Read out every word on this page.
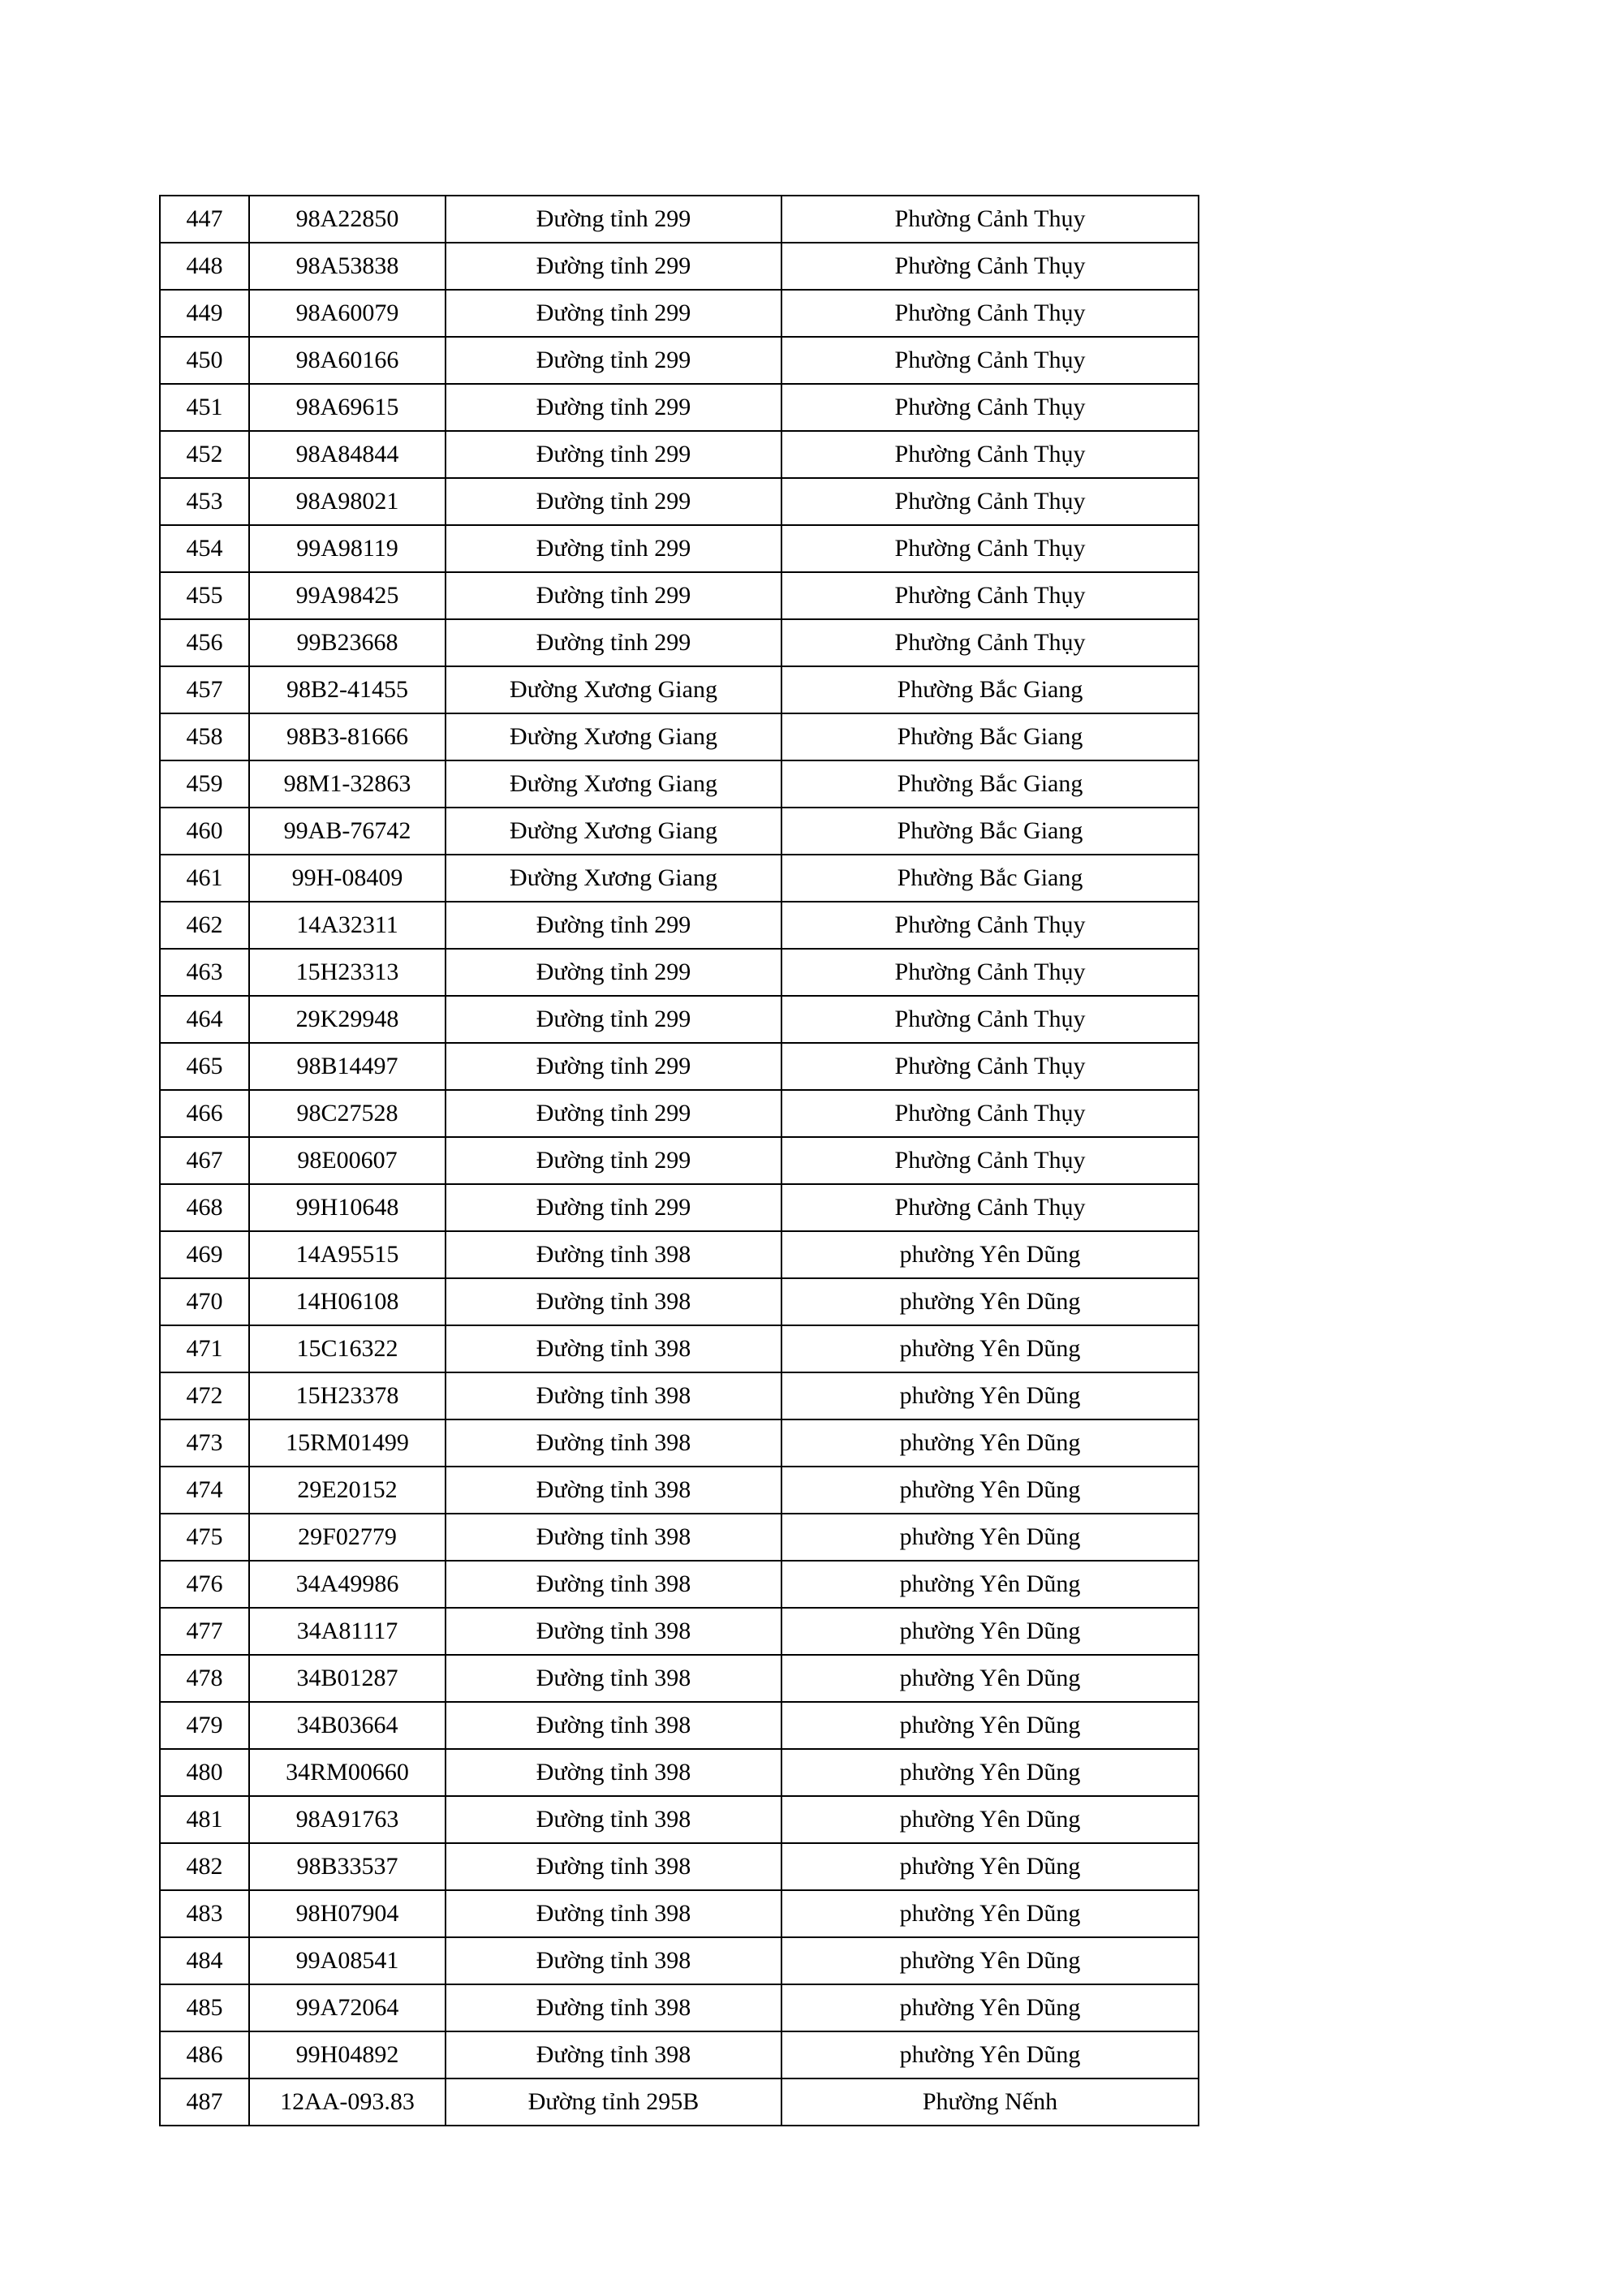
447	98A22850	Đường tỉnh 299	Phường Cảnh Thụy
448	98A53838	Đường tỉnh 299	Phường Cảnh Thụy
449	98A60079	Đường tỉnh 299	Phường Cảnh Thụy
450	98A60166	Đường tỉnh 299	Phường Cảnh Thụy
451	98A69615	Đường tỉnh 299	Phường Cảnh Thụy
452	98A84844	Đường tỉnh 299	Phường Cảnh Thụy
453	98A98021	Đường tỉnh 299	Phường Cảnh Thụy
454	99A98119	Đường tỉnh 299	Phường Cảnh Thụy
455	99A98425	Đường tỉnh 299	Phường Cảnh Thụy
456	99B23668	Đường tỉnh 299	Phường Cảnh Thụy
457	98B2-41455	Đường Xương Giang	Phường Bắc Giang
458	98B3-81666	Đường Xương Giang	Phường Bắc Giang
459	98M1-32863	Đường Xương Giang	Phường Bắc Giang
460	99AB-76742	Đường Xương Giang	Phường Bắc Giang
461	99H-08409	Đường Xương Giang	Phường Bắc Giang
462	14A32311	Đường tỉnh 299	Phường Cảnh Thụy
463	15H23313	Đường tỉnh 299	Phường Cảnh Thụy
464	29K29948	Đường tỉnh 299	Phường Cảnh Thụy
465	98B14497	Đường tỉnh 299	Phường Cảnh Thụy
466	98C27528	Đường tỉnh 299	Phường Cảnh Thụy
467	98E00607	Đường tỉnh 299	Phường Cảnh Thụy
468	99H10648	Đường tỉnh 299	Phường Cảnh Thụy
469	14A95515	Đường tỉnh 398	phường Yên Dũng
470	14H06108	Đường tỉnh 398	phường Yên Dũng
471	15C16322	Đường tỉnh 398	phường Yên Dũng
472	15H23378	Đường tỉnh 398	phường Yên Dũng
473	15RM01499	Đường tỉnh 398	phường Yên Dũng
474	29E20152	Đường tỉnh 398	phường Yên Dũng
475	29F02779	Đường tỉnh 398	phường Yên Dũng
476	34A49986	Đường tỉnh 398	phường Yên Dũng
477	34A81117	Đường tỉnh 398	phường Yên Dũng
478	34B01287	Đường tỉnh 398	phường Yên Dũng
479	34B03664	Đường tỉnh 398	phường Yên Dũng
480	34RM00660	Đường tỉnh 398	phường Yên Dũng
481	98A91763	Đường tỉnh 398	phường Yên Dũng
482	98B33537	Đường tỉnh 398	phường Yên Dũng
483	98H07904	Đường tỉnh 398	phường Yên Dũng
484	99A08541	Đường tỉnh 398	phường Yên Dũng
485	99A72064	Đường tỉnh 398	phường Yên Dũng
486	99H04892	Đường tỉnh 398	phường Yên Dũng
487	12AA-093.83	Đường tỉnh 295B	Phường Nếnh
